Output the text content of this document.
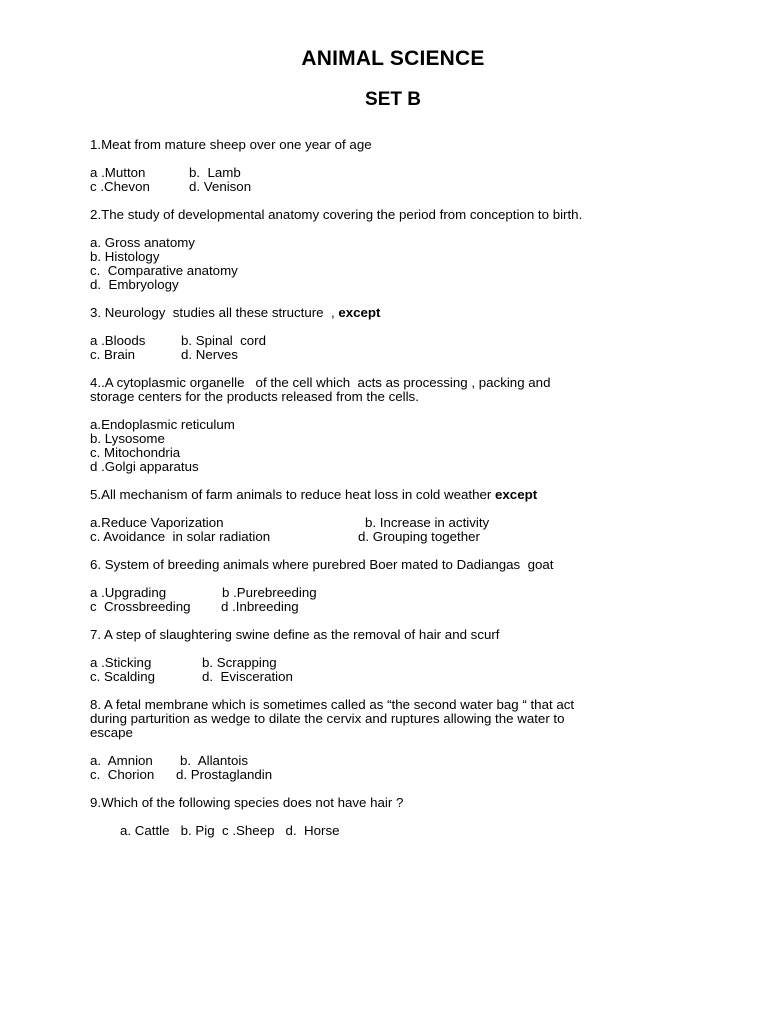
ANIMAL SCIENCE
SET B

1.Meat from mature sheep over one year of age

a .Mutton	b.  Lamb

c .Chevon	d. Venison

2.The study of developmental anatomy covering the period from conception to birth.

a. Gross anatomy

b. Histology

c.  Comparative anatomy

d.  Embryology

3. Neurology  studies all these structure  , except

a .Bloods	b. Spinal  cord

c. Brain	d. Nerves

4..A cytoplasmic organelle   of the cell which  acts as processing , packing and

storage centers for the products released from the cells.

a.Endoplasmic reticulum

b. Lysosome

c. Mitochondria

d .Golgi apparatus

5.All mechanism of farm animals to reduce heat loss in cold weather except

a.Reduce Vaporization	b. Increase in activity

c. Avoidance  in solar radiation	d. Grouping together

6. System of breeding animals where purebred Boer mated to Dadiangas  goat

a .Upgrading	b .Purebreeding

c  Crossbreeding d .Inbreeding

7. A step of slaughtering swine define as the removal of hair and scurf

a .Sticking	b. Scrapping

c. Scalding	d.  Evisceration

8. A fetal membrane which is sometimes called as “the second water bag “ that act

during parturition as wedge to dilate the cervix and ruptures allowing the water to

escape

a.  Amnion b.  Allantois

c.  Chorion d. Prostaglandin

9.Which of the following species does not have hair ?

a. Cattle   b. Pig  c .Sheep   d.  Horse
